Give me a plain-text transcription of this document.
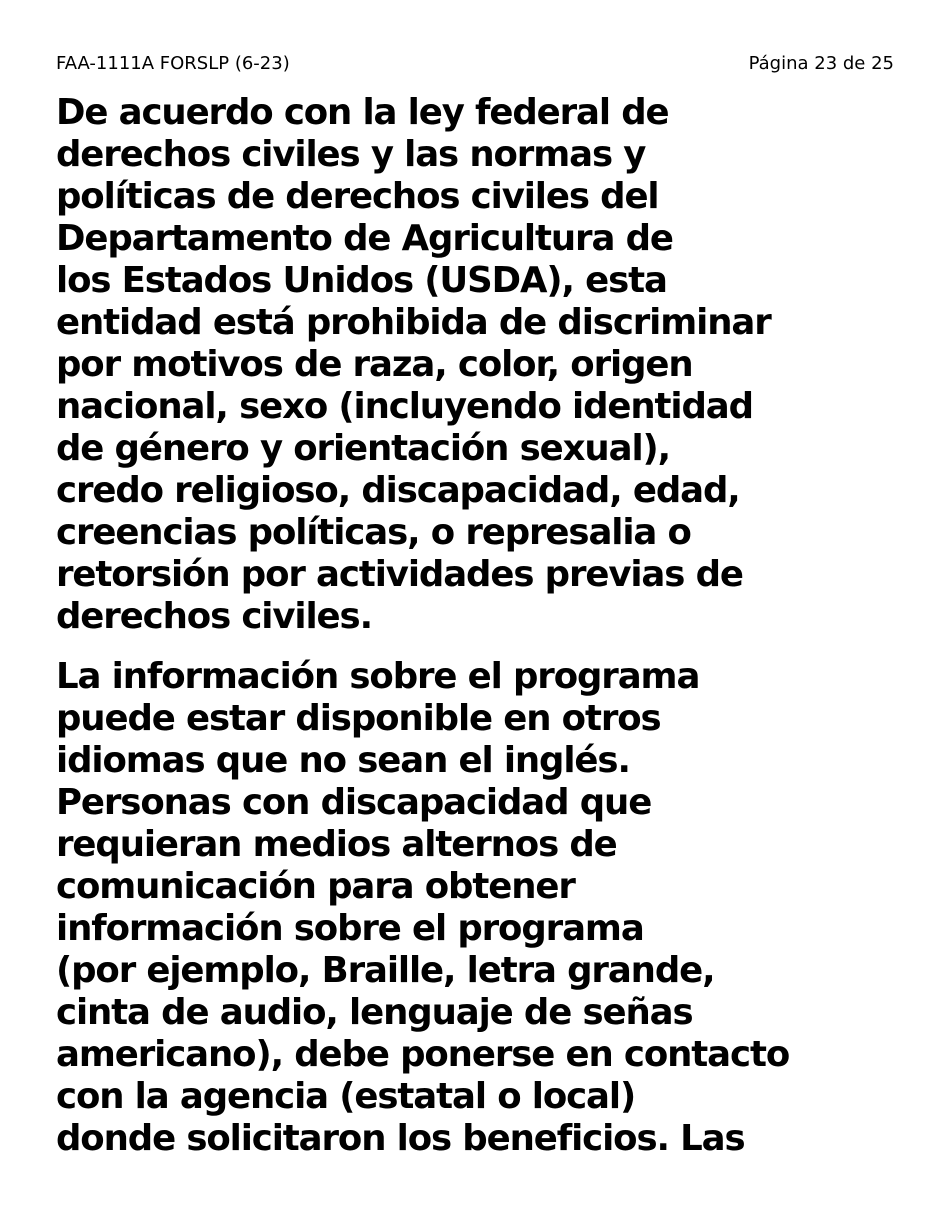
FAA-1111A FORSLP (6-23)	Página 23 de 25

De acuerdo con la ley federal de
derechos civiles y las normas y
políticas de derechos civiles del
Departamento de Agricultura de
los Estados Unidos (USDA), esta
entidad está prohibida de discriminar
por motivos de raza, color, origen
nacional, sexo (incluyendo identidad
de género y orientación sexual),
credo religioso, discapacidad, edad,
creencias políticas, o represalia o
retorsión por actividades previas de
derechos civiles.

La información sobre el programa
puede estar disponible en otros
idiomas que no sean el inglés.
Personas con discapacidad que
requieran medios alternos de
comunicación para obtener
información sobre el programa
(por ejemplo, Braille, letra grande,
cinta de audio, lenguaje de señas
americano), debe ponerse en contacto
con la agencia (estatal o local)
donde solicitaron los beneficios. Las
